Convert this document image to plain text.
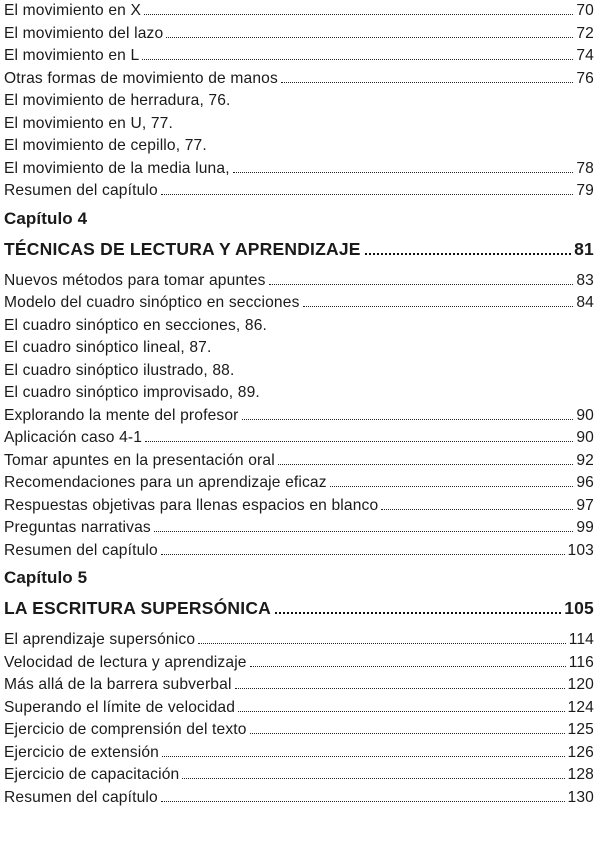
El movimiento en X	70
El movimiento del lazo	72
El movimiento en L	74
Otras formas de movimiento de manos	76
El movimiento de herradura, 76.
El movimiento en U, 77.
El movimiento de cepillo, 77.
El movimiento de la media luna,	78
Resumen del capítulo	79
Capítulo 4
TÉCNICAS DE LECTURA Y APRENDIZAJE	81
Nuevos métodos para tomar apuntes	83
Modelo del cuadro sinóptico en secciones	84
El cuadro sinóptico en secciones, 86.
El cuadro sinóptico lineal, 87.
El cuadro sinóptico ilustrado, 88.
El cuadro sinóptico improvisado, 89.
Explorando la mente del profesor	90
Aplicación caso 4-1	90
Tomar apuntes en la presentación oral	92
Recomendaciones para un aprendizaje eficaz	96
Respuestas objetivas para llenas espacios en blanco	97
Preguntas narrativas	99
Resumen del capítulo	103
Capítulo 5
LA ESCRITURA SUPERSÓNICA	105
El aprendizaje supersónico	114
Velocidad de lectura y aprendizaje	116
Más allá de la barrera subverbal	120
Superando el límite de velocidad	124
Ejercicio de comprensión del texto	125
Ejercicio de extensión	126
Ejercicio de capacitación	128
Resumen del capítulo	130
